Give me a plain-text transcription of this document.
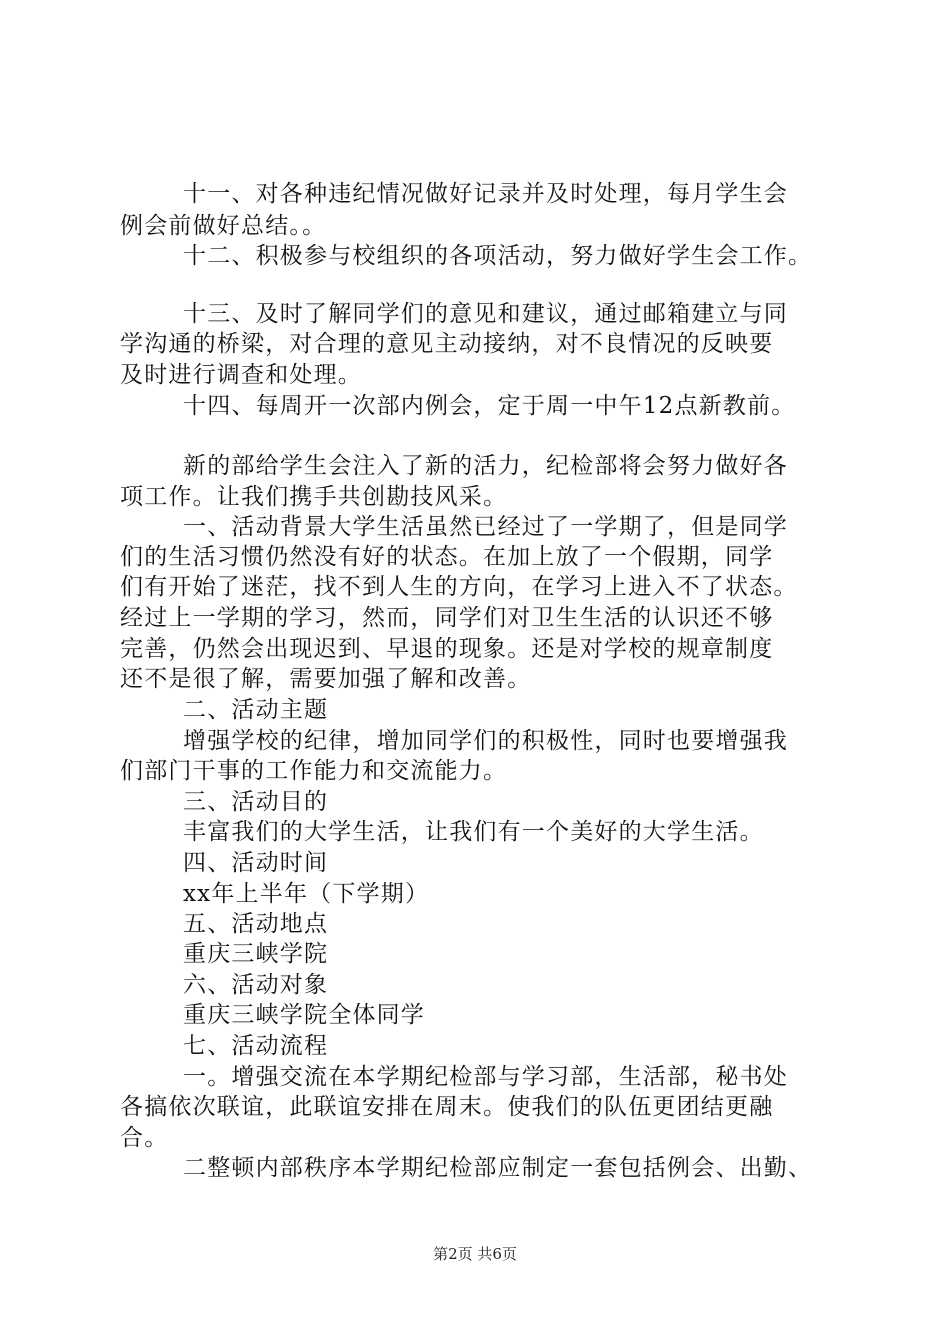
十一、对各种违纪情况做好记录并及时处理，每月学生会
例会前做好总结。。
十二、积极参与校组织的各项活动，努力做好学生会工作。
十三、及时了解同学们的意见和建议，通过邮箱建立与同
学沟通的桥梁，对合理的意见主动接纳，对不良情况的反映要
及时进行调查和处理。
十四、每周开一次部内例会，定于周一中午12点新教前。
新的部给学生会注入了新的活力，纪检部将会努力做好各
项工作。让我们携手共创勘技风采。
一、活动背景大学生活虽然已经过了一学期了，但是同学
们的生活习惯仍然没有好的状态。在加上放了一个假期，同学
们有开始了迷茫，找不到人生的方向，在学习上进入不了状态。
经过上一学期的学习，然而，同学们对卫生生活的认识还不够
完善，仍然会出现迟到、早退的现象。还是对学校的规章制度
还不是很了解，需要加强了解和改善。
二、活动主题
增强学校的纪律，增加同学们的积极性，同时也要增强我
们部门干事的工作能力和交流能力。
三、活动目的
丰富我们的大学生活，让我们有一个美好的大学生活。
四、活动时间
xx年上半年（下学期）
五、活动地点
重庆三峡学院
六、活动对象
重庆三峡学院全体同学
七、活动流程
一。增强交流在本学期纪检部与学习部，生活部，秘书处
各搞依次联谊，此联谊安排在周末。使我们的队伍更团结更融
合。
二整顿内部秩序本学期纪检部应制定一套包括例会、出勤、
第2页 共6页
